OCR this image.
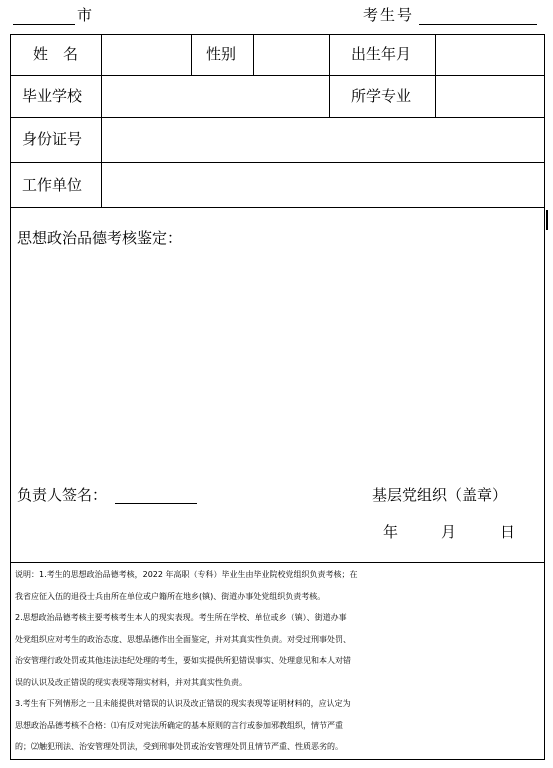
市	考生号
姓　名	性别	出生年月
毕业学校	所学专业
身份证号
工作单位
思想政治品德考核鉴定：
负责人签名：	基层党组织（盖章）
年	月	日
说明：1.考生的思想政治品德考核，2022 年高职（专科）毕业生由毕业院校党组织负责考核；在
我省应征入伍的退役士兵由所在单位或户籍所在地乡(镇)、街道办事处党组织负责考核。
2.思想政治品德考核主要考核考生本人的现实表现。考生所在学校、单位或乡（镇）、街道办事
处党组织应对考生的政治态度、思想品德作出全面鉴定，并对其真实性负责。对受过刑事处罚、
治安管理行政处罚或其他违法违纪处理的考生，要如实提供所犯错误事实、处理意见和本人对错
误的认识及改正错误的现实表现等翔实材料，并对其真实性负责。
3.考生有下列情形之一且未能提供对错误的认识及改正错误的现实表现等证明材料的，应认定为
思想政治品德考核不合格：⑴有反对宪法所确定的基本原则的言行或参加邪教组织，情节严重
的；⑵触犯刑法、治安管理处罚法，受到刑事处罚或治安管理处罚且情节严重、性质恶劣的。
